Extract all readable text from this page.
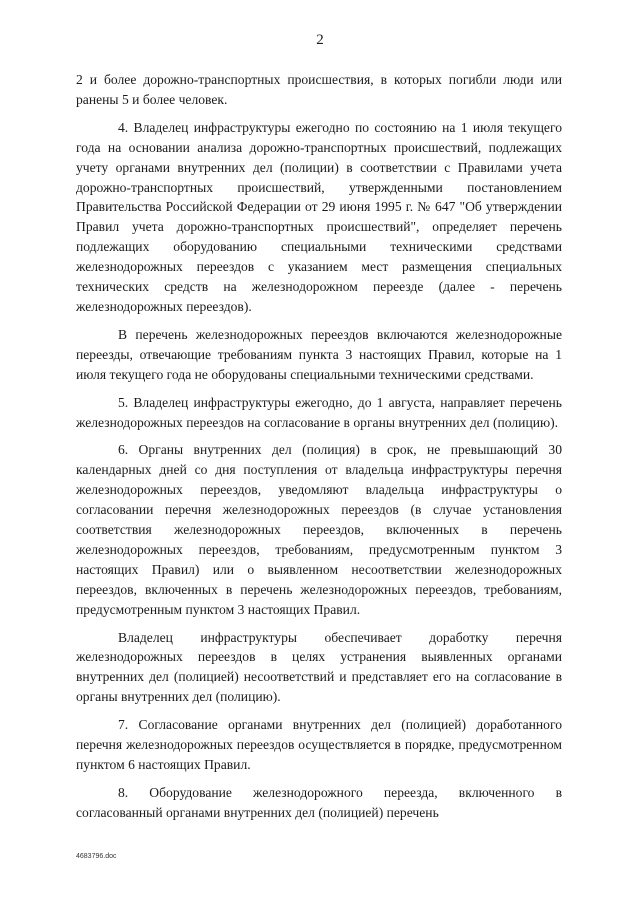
2

2 и более дорожно-транспортных происшествия, в которых погибли люди или ранены 5 и более человек.

4. Владелец инфраструктуры ежегодно по состоянию на 1 июля текущего года на основании анализа дорожно-транспортных происшествий, подлежащих учету органами внутренних дел (полиции) в соответствии с Правилами учета дорожно-транспортных происшествий, утвержденными постановлением Правительства Российской Федерации от 29 июня 1995 г. № 647 "Об утверждении Правил учета дорожно-транспортных происшествий", определяет перечень подлежащих оборудованию специальными техническими средствами железнодорожных переездов с указанием мест размещения специальных технических средств на железнодорожном переезде (далее - перечень железнодорожных переездов).

В перечень железнодорожных переездов включаются железнодорожные переезды, отвечающие требованиям пункта 3 настоящих Правил, которые на 1 июля текущего года не оборудованы специальными техническими средствами.

5. Владелец инфраструктуры ежегодно, до 1 августа, направляет перечень железнодорожных переездов на согласование в органы внутренних дел (полицию).

6. Органы внутренних дел (полиция) в срок, не превышающий 30 календарных дней со дня поступления от владельца инфраструктуры перечня железнодорожных переездов, уведомляют владельца инфраструктуры о согласовании перечня железнодорожных переездов (в случае установления соответствия железнодорожных переездов, включенных в перечень железнодорожных переездов, требованиям, предусмотренным пунктом 3 настоящих Правил) или о выявленном несоответствии железнодорожных переездов, включенных в перечень железнодорожных переездов, требованиям, предусмотренным пунктом 3 настоящих Правил.

Владелец инфраструктуры обеспечивает доработку перечня железнодорожных переездов в целях устранения выявленных органами внутренних дел (полицией) несоответствий и представляет его на согласование в органы внутренних дел (полицию).

7. Согласование органами внутренних дел (полицией) доработанного перечня железнодорожных переездов осуществляется в порядке, предусмотренном пунктом 6 настоящих Правил.

8. Оборудование железнодорожного переезда, включенного в согласованный органами внутренних дел (полицией) перечень

4683796.doc
